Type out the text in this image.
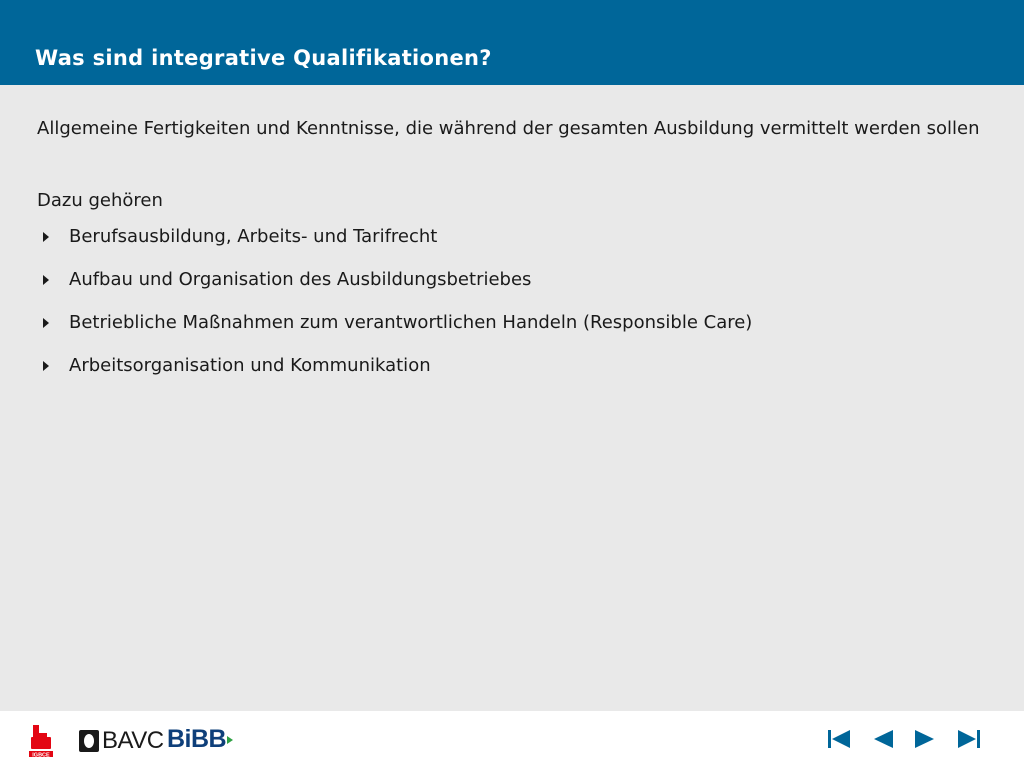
Was sind integrative Qualifikationen?

Allgemeine Fertigkeiten und Kenntnisse, die während der gesamten Ausbildung vermittelt werden sollen

Dazu gehören

Berufsausbildung, Arbeits- und Tarifrecht
Aufbau und Organisation des Ausbildungsbetriebes
Betriebliche Maßnahmen zum verantwortlichen Handeln (Responsible Care)
Arbeitsorganisation und Kommunikation
IGBCE
BAVC BiBB
